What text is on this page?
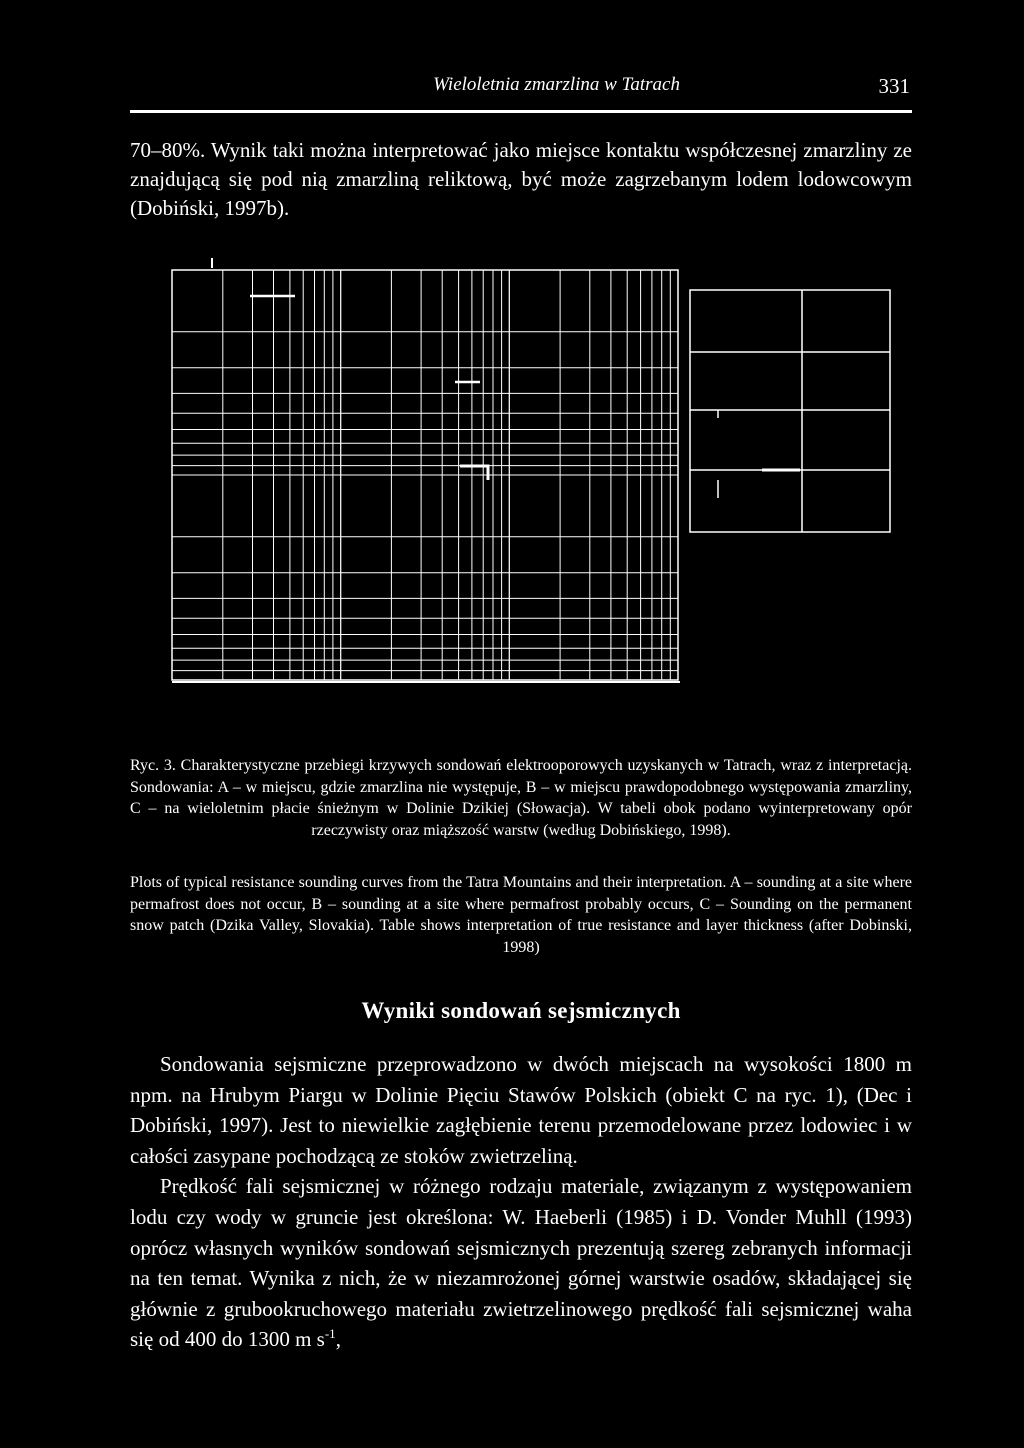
Wieloletnia zmarzlina w Tatrach	331

70–80%. Wynik taki można interpretować jako miejsce kontaktu współczesnej zmarzliny ze znajdującą się pod nią zmarzliną reliktową, być może zagrzebanym lodem lodowcowym (Dobiński, 1997b).

Ryc. 3. Charakterystyczne przebiegi krzywych sondowań elektrooporowych uzyskanych w Tatrach, wraz z interpretacją. Sondowania: A – w miejscu, gdzie zmarzlina nie występuje, B – w miejscu prawdopodobnego występowania zmarzliny, C – na wieloletnim płacie śnieżnym w Dolinie Dzikiej (Słowacja). W tabeli obok podano wyinterpretowany opór rzeczywisty oraz miąższość warstw (według Dobińskiego, 1998).

Plots of typical resistance sounding curves from the Tatra Mountains and their interpretation. A – sounding at a site where permafrost does not occur, B – sounding at a site where permafrost probably occurs, C – Sounding on the permanent snow patch (Dzika Valley, Slovakia). Table shows interpretation of true resistance and layer thickness (after Dobinski, 1998)

Wyniki sondowań sejsmicznych

Sondowania sejsmiczne przeprowadzono w dwóch miejscach na wysokości 1800 m npm. na Hrubym Piargu w Dolinie Pięciu Stawów Polskich (obiekt C na ryc. 1), (Dec i Dobiński, 1997). Jest to niewielkie zagłębienie terenu przemodelowane przez lodowiec i w całości zasypane pochodzącą ze stoków zwietrzeliną.

Prędkość fali sejsmicznej w różnego rodzaju materiale, związanym z występowaniem lodu czy wody w gruncie jest określona: W. Haeberli (1985) i D. Vonder Muhll (1993) oprócz własnych wyników sondowań sejsmicznych prezentują szereg zebranych informacji na ten temat. Wynika z nich, że w niezamrożonej górnej warstwie osadów, składającej się głównie z grubookruchowego materiału zwietrzelinowego prędkość fali sejsmicznej waha się od 400 do 1300 m $s^{-1}$,
